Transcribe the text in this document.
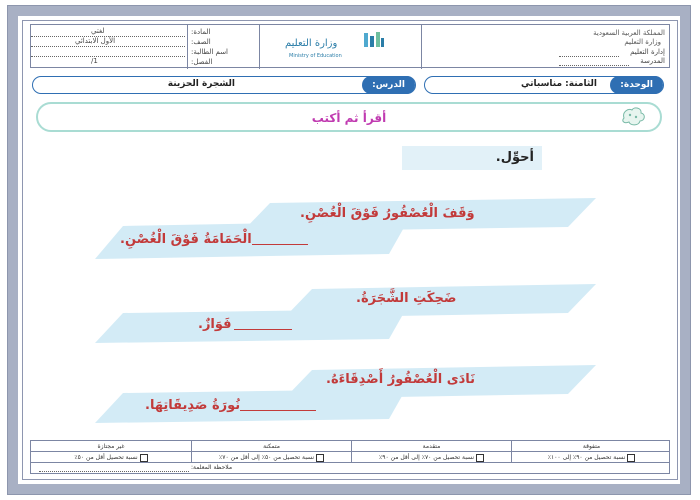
المملكة العربية السعودية
وزارة التعليم
إدارة التعليم
المدرسة
وزارة التعليم
Ministry of Education
المادة:
الصف:
اسم الطالبة:
الفصل:
لغتي
الأول الابتدائي
1/
الوحدة:
الثامنة: مناسباتي
الدرس:
الشجرة الحزينة
أقرأ ثم أكتب
أحوِّل.
وَقَفَ الْعُصْفُورُ فَوْقَ الْغُصْنِ.
الْحَمَامَةُ فَوْقَ الْغُصْنِ.
ضَحِكَتِ الشَّجَرَةُ.
فَوَازٌ.
نَادَى الْعُصْفُورُ أَصْدِقَاءَهُ.
نُورَةُ صَدِيقَاتِهَا.
متفوقة
متقدمة
متمكنة
غير مجتازة
نسبة تحصيل من ٩٠٪ إلى ١٠٠٪
نسبة تحصيل من ٧٠٪ إلى أقل من ٩٠٪
نسبة تحصيل من ٥٠٪ إلى أقل من ٧٠٪
نسبة تحصيل أقل من ٥٠٪
ملاحظة المعلمة:
